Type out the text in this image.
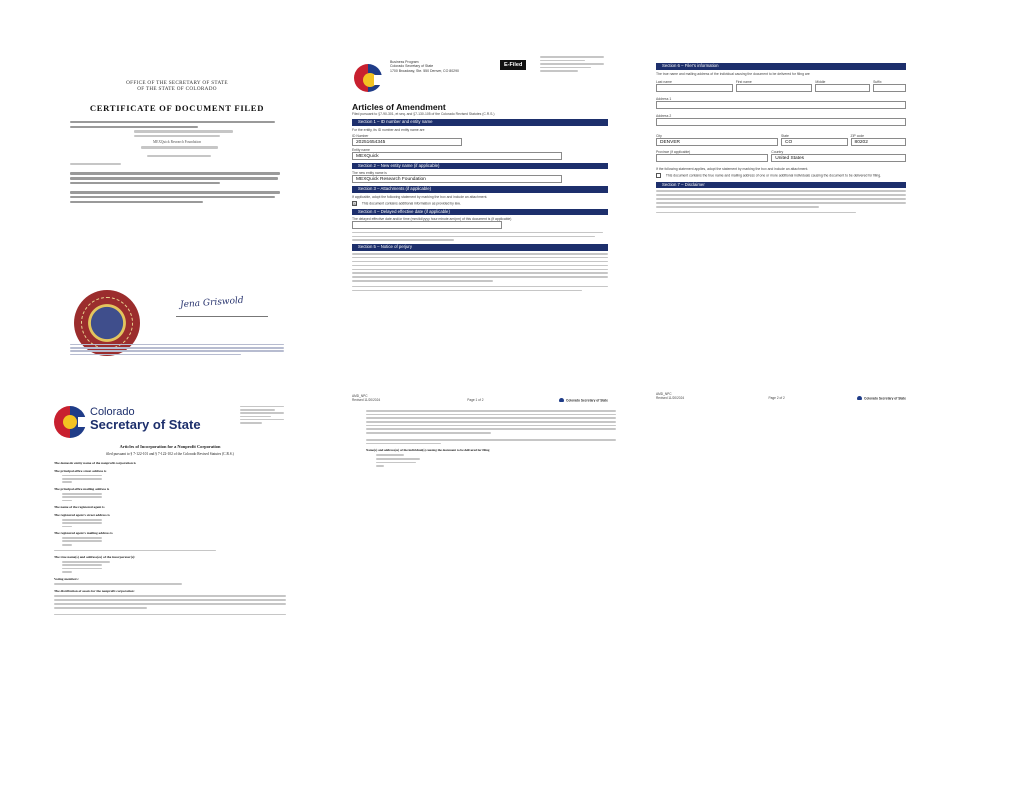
OFFICE OF THE SECRETARY OF STATE
OF THE STATE OF COLORADO
CERTIFICATE OF DOCUMENT FILED
MEXQuick Research Foundation
Jena Griswold
Business Program
Colorado Secretary of State
1700 Broadway, Ste. 550 Denver, CO 80290
E-Filed
Articles of Amendment
Filed pursuant to §7-90-301, et seq. and §7-130-105 of the Colorado Revised Statutes (C.R.S.)
Section 1 – ID number and entity name
For the entity, its ID number and entity name are
ID Number
20251654345
Entity name
MEXQuick
Section 2 – New entity name (if applicable)
The new entity name is
MEXQuick Research Foundation
Section 3 – Attachments (if applicable)
If applicable, adopt the following statement by marking the box and include an attachment.
☒ This document contains additional information as provided by law.
Section 4 – Delayed effective date (if applicable)
The delayed effective date and/or time (mm/dd/yyyy hour:minute am/pm) of this document is (if applicable)
Section 5 – Notice of perjury
AMD_NPC
Revised 11/20/2024	Page 1 of 2	Colorado Secretary of State
Section 6 – Filer's information
The true name and mailing address of the individual causing the document to be delivered for filing are
Last name	First name	Middle	Suffix
Address 1
Address 2
City
DENVER
State
CO
ZIP code
80202
Province (if applicable)	Country
United States
If the following statement applies, adopt the statement by marking the box and include an attachment.
This document contains the true name and mailing address of one or more additional individuals causing the document to be delivered for filing.
Section 7 – Disclaimer
AMD_NPC
Revised 11/20/2024	Page 2 of 2	Colorado Secretary of State
Colorado
Secretary of State
Articles of Incorporation for a Nonprofit Corporation
filed pursuant to § 7-122-101 and § 7-122-102 of the Colorado Revised Statutes (C.R.S.)
The domestic entity name of the nonprofit corporation is
The principal office street address is
The principal office mailing address is
The name of the registered agent is
The registered agent's street address is
The registered agent's mailing address is
The true name(s) and address(es) of the incorporator(s):
Voting members:
The distribution of assets for the nonprofit corporation:
Name(s) and address(es) of the individual(s) causing the document to be delivered for filing
